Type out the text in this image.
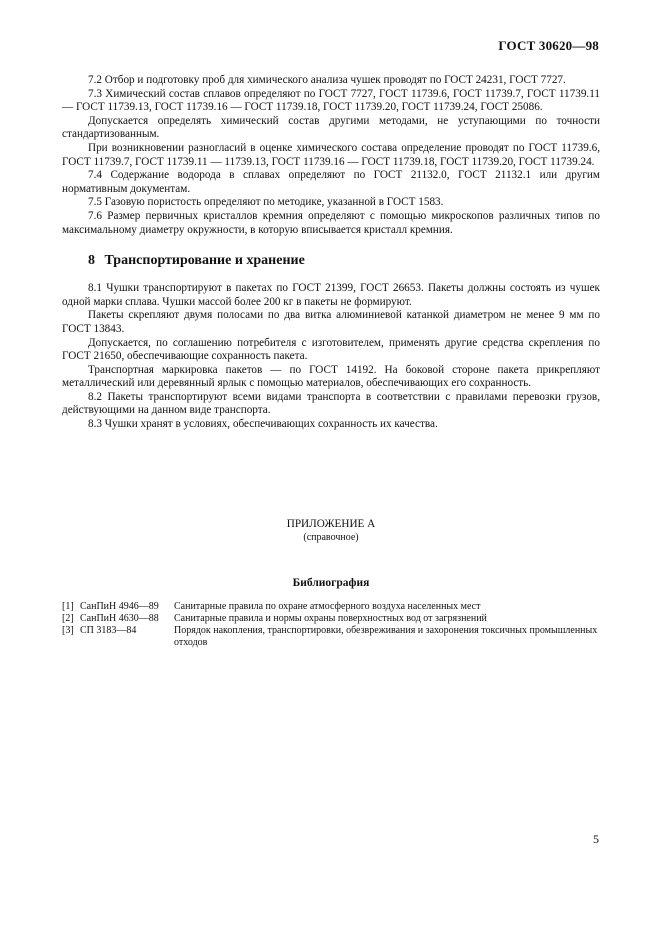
ГОСТ 30620—98

7.2 Отбор и подготовку проб для химического анализа чушек проводят по ГОСТ 24231, ГОСТ 7727.

7.3 Химический состав сплавов определяют по ГОСТ 7727, ГОСТ 11739.6, ГОСТ 11739.7, ГОСТ 11739.11 — ГОСТ 11739.13, ГОСТ 11739.16 — ГОСТ 11739.18, ГОСТ 11739.20, ГОСТ 11739.24, ГОСТ 25086.

Допускается определять химический состав другими методами, не уступающими по точности стандартизованным.

При возникновении разногласий в оценке химического состава определение проводят по ГОСТ 11739.6, ГОСТ 11739.7, ГОСТ 11739.11 — 11739.13, ГОСТ 11739.16 — ГОСТ 11739.18, ГОСТ 11739.20, ГОСТ 11739.24.

7.4 Содержание водорода в сплавах определяют по ГОСТ 21132.0, ГОСТ 21132.1 или другим нормативным документам.

7.5 Газовую пористость определяют по методике, указанной в ГОСТ 1583.

7.6 Размер первичных кристаллов кремния определяют с помощью микроскопов различных типов по максимальному диаметру окружности, в которую вписывается кристалл кремния.

8 Транспортирование и хранение

8.1 Чушки транспортируют в пакетах по ГОСТ 21399, ГОСТ 26653. Пакеты должны состоять из чушек одной марки сплава. Чушки массой более 200 кг в пакеты не формируют.

Пакеты скрепляют двумя полосами по два витка алюминиевой катанкой диаметром не менее 9 мм по ГОСТ 13843.

Допускается, по соглашению потребителя с изготовителем, применять другие средства скрепления по ГОСТ 21650, обеспечивающие сохранность пакета.

Транспортная маркировка пакетов — по ГОСТ 14192. На боковой стороне пакета прикрепляют металлический или деревянный ярлык с помощью материалов, обеспечивающих его сохранность.

8.2 Пакеты транспортируют всеми видами транспорта в соответствии с правилами перевозки грузов, действующими на данном виде транспорта.

8.3 Чушки хранят в условиях, обеспечивающих сохранность их качества.

ПРИЛОЖЕНИЕ А
(справочное)
Библиография
[1] СанПиН 4946—89	Санитарные правила по охране атмосферного воздуха населенных мест
[2] СанПиН 4630—88	Санитарные правила и нормы охраны поверхностных вод от загрязнений
[3] СП 3183—84	Порядок накопления, транспортировки, обезвреживания и захоронения токсичных промышленных отходов
5
